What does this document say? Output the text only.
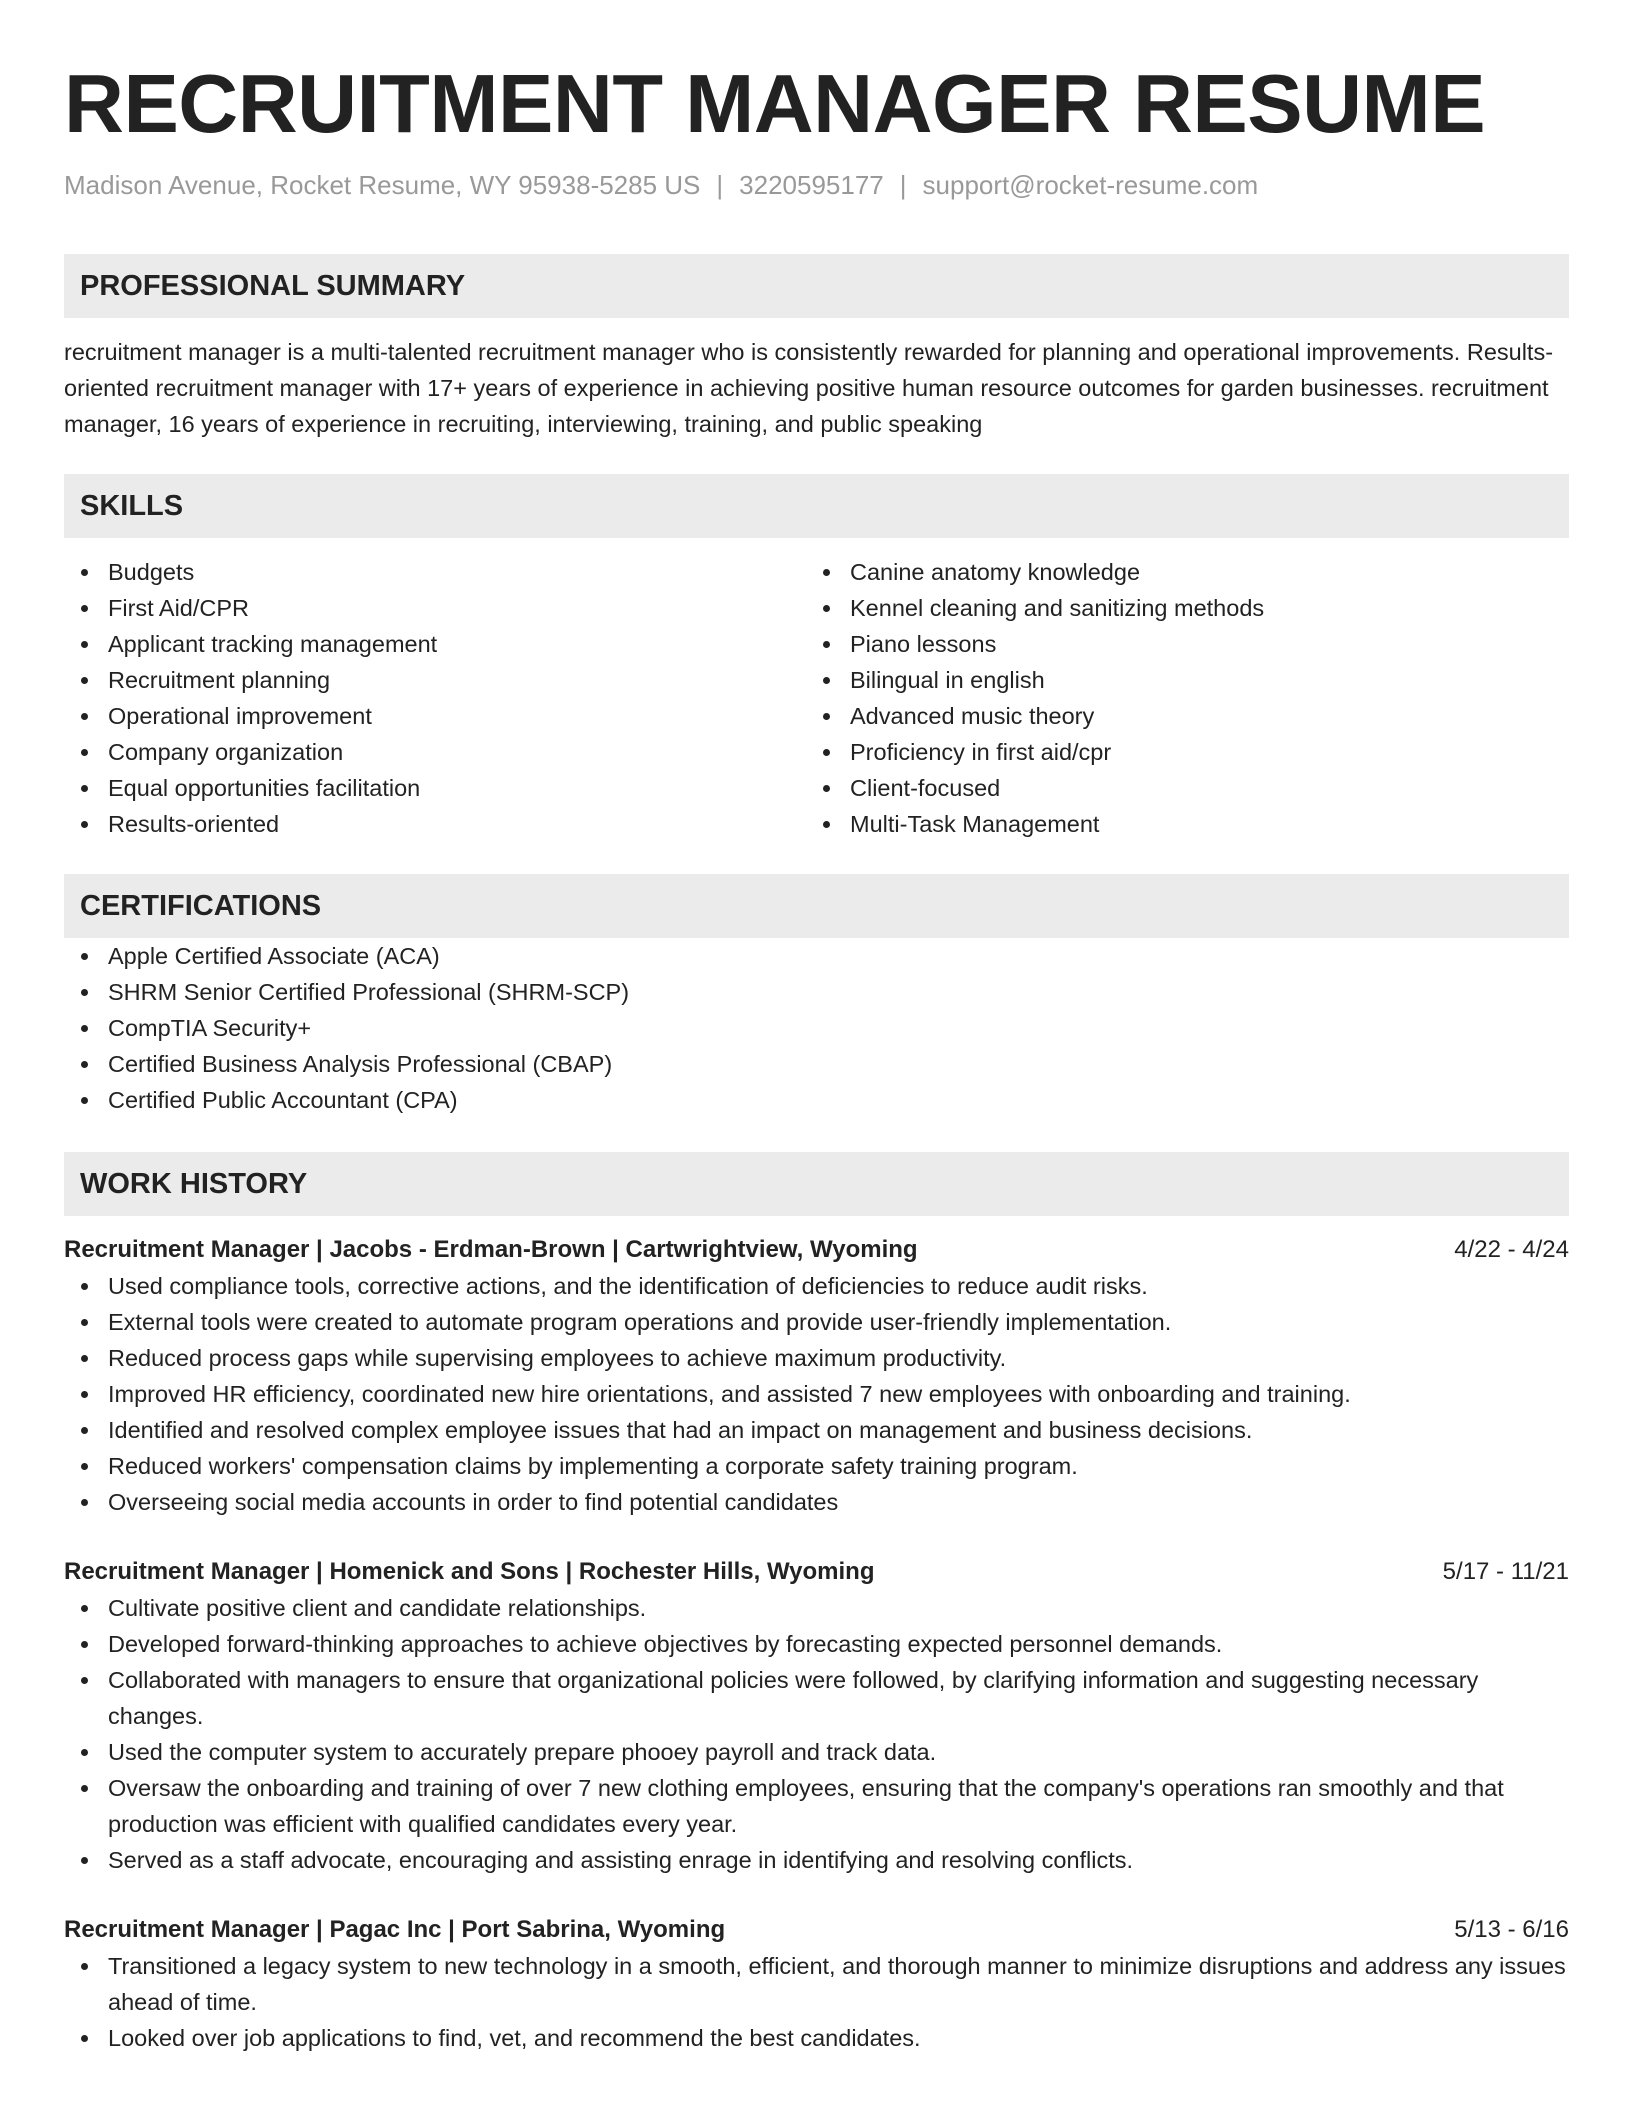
RECRUITMENT MANAGER RESUME
Madison Avenue, Rocket Resume, WY 95938-5285 US | 3220595177 | support@rocket-resume.com
PROFESSIONAL SUMMARY
recruitment manager is a multi-talented recruitment manager who is consistently rewarded for planning and operational improvements. Results-oriented recruitment manager with 17+ years of experience in achieving positive human resource outcomes for garden businesses. recruitment manager, 16 years of experience in recruiting, interviewing, training, and public speaking
SKILLS
Budgets
First Aid/CPR
Applicant tracking management
Recruitment planning
Operational improvement
Company organization
Equal opportunities facilitation
Results-oriented
Canine anatomy knowledge
Kennel cleaning and sanitizing methods
Piano lessons
Bilingual in english
Advanced music theory
Proficiency in first aid/cpr
Client-focused
Multi-Task Management
CERTIFICATIONS
Apple Certified Associate (ACA)
SHRM Senior Certified Professional (SHRM-SCP)
CompTIA Security+
Certified Business Analysis Professional (CBAP)
Certified Public Accountant (CPA)
WORK HISTORY
Recruitment Manager | Jacobs - Erdman-Brown | Cartwrightview, Wyoming	4/22 - 4/24
Used compliance tools, corrective actions, and the identification of deficiencies to reduce audit risks.
External tools were created to automate program operations and provide user-friendly implementation.
Reduced process gaps while supervising employees to achieve maximum productivity.
Improved HR efficiency, coordinated new hire orientations, and assisted 7 new employees with onboarding and training.
Identified and resolved complex employee issues that had an impact on management and business decisions.
Reduced workers' compensation claims by implementing a corporate safety training program.
Overseeing social media accounts in order to find potential candidates
Recruitment Manager | Homenick and Sons | Rochester Hills, Wyoming	5/17 - 11/21
Cultivate positive client and candidate relationships.
Developed forward-thinking approaches to achieve objectives by forecasting expected personnel demands.
Collaborated with managers to ensure that organizational policies were followed, by clarifying information and suggesting necessary changes.
Used the computer system to accurately prepare phooey payroll and track data.
Oversaw the onboarding and training of over 7 new clothing employees, ensuring that the company's operations ran smoothly and that production was efficient with qualified candidates every year.
Served as a staff advocate, encouraging and assisting enrage in identifying and resolving conflicts.
Recruitment Manager | Pagac Inc | Port Sabrina, Wyoming	5/13 - 6/16
Transitioned a legacy system to new technology in a smooth, efficient, and thorough manner to minimize disruptions and address any issues ahead of time.
Looked over job applications to find, vet, and recommend the best candidates.
